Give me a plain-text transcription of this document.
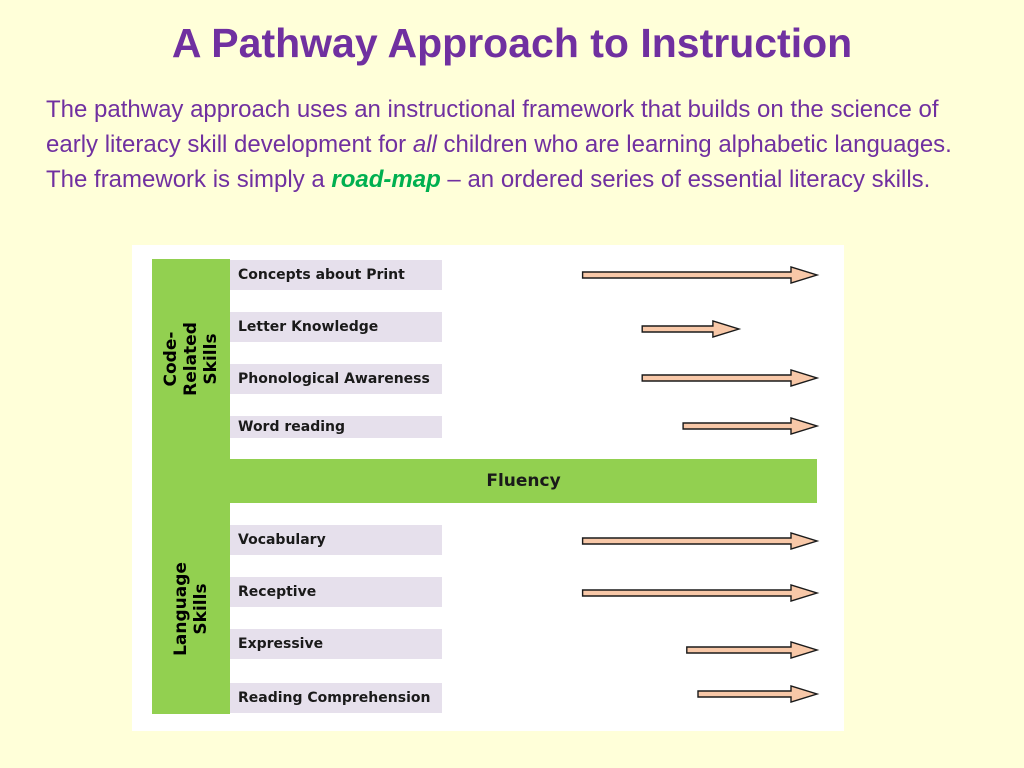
A Pathway Approach to Instruction
The pathway approach uses an instructional framework that builds on the science of early literacy skill development for all children who are learning alphabetic languages. The framework is simply a road-map – an ordered series of essential literacy skills.
Code-Related Skills
Language Skills
Concepts about Print
Letter Knowledge
Phonological Awareness
Word reading
Fluency
Vocabulary
Receptive
Expressive
Reading Comprehension
